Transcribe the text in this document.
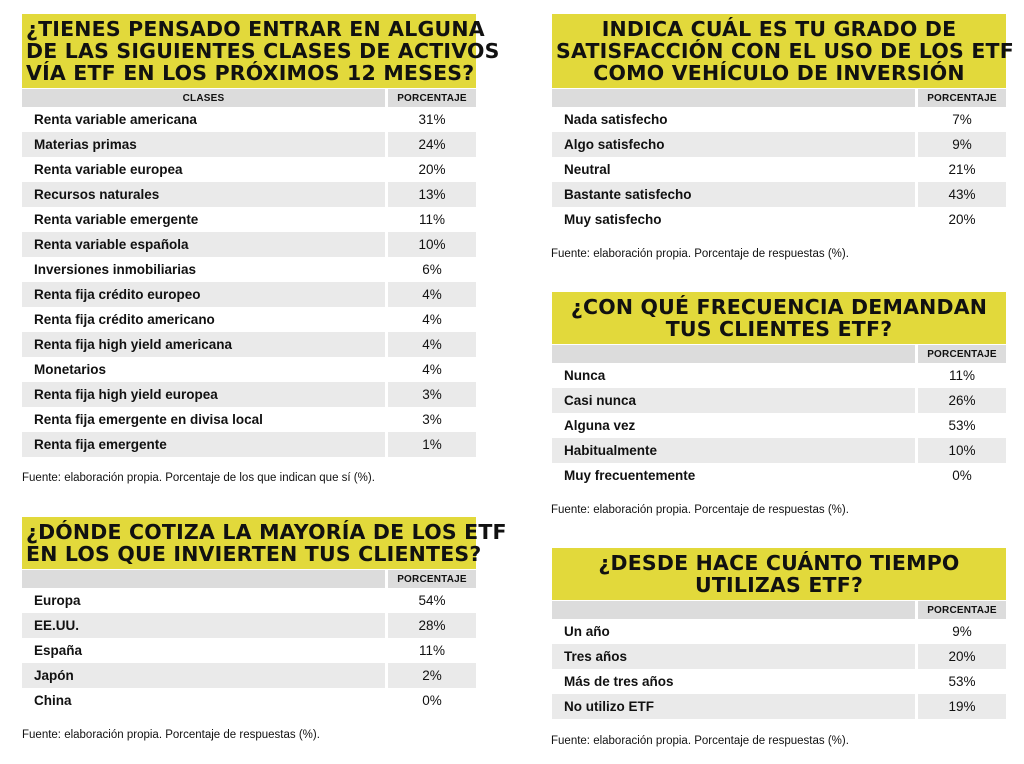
¿TIENES PENSADO ENTRAR EN ALGUNA
DE LAS SIGUIENTES CLASES DE ACTIVOS
VÍA ETF EN LOS PRÓXIMOS 12 MESES?
CLASES		PORCENTAJE
Renta variable americana		31%
Materias primas		24%
Renta variable europea		20%
Recursos naturales		13%
Renta variable emergente		11%
Renta variable española		10%
Inversiones inmobiliarias		6%
Renta fija crédito europeo		4%
Renta fija crédito americano		4%
Renta fija high yield americana		4%
Monetarios		4%
Renta fija high yield europea		3%
Renta fija emergente en divisa local		3%
Renta fija emergente		1%
Fuente: elaboración propia. Porcentaje de los que indican que sí (%).
¿DÓNDE COTIZA LA MAYORÍA DE LOS ETF
EN LOS QUE INVIERTEN TUS CLIENTES?
		PORCENTAJE
Europa		54%
EE.UU.		28%
España		11%
Japón		2%
China		0%
Fuente: elaboración propia. Porcentaje de respuestas (%).
INDICA CUÁL ES TU GRADO DE
SATISFACCIÓN CON EL USO DE LOS ETF
COMO VEHÍCULO DE INVERSIÓN
		PORCENTAJE
Nada satisfecho		7%
Algo satisfecho		9%
Neutral		21%
Bastante satisfecho		43%
Muy satisfecho		20%
Fuente: elaboración propia. Porcentaje de respuestas (%).
¿CON QUÉ FRECUENCIA DEMANDAN
TUS CLIENTES ETF?
		PORCENTAJE
Nunca		11%
Casi nunca		26%
Alguna vez		53%
Habitualmente		10%
Muy frecuentemente		0%
Fuente: elaboración propia. Porcentaje de respuestas (%).
¿DESDE HACE CUÁNTO TIEMPO
UTILIZAS ETF?
		PORCENTAJE
Un año		9%
Tres años		20%
Más de tres años		53%
No utilizo ETF		19%
Fuente: elaboración propia. Porcentaje de respuestas (%).
